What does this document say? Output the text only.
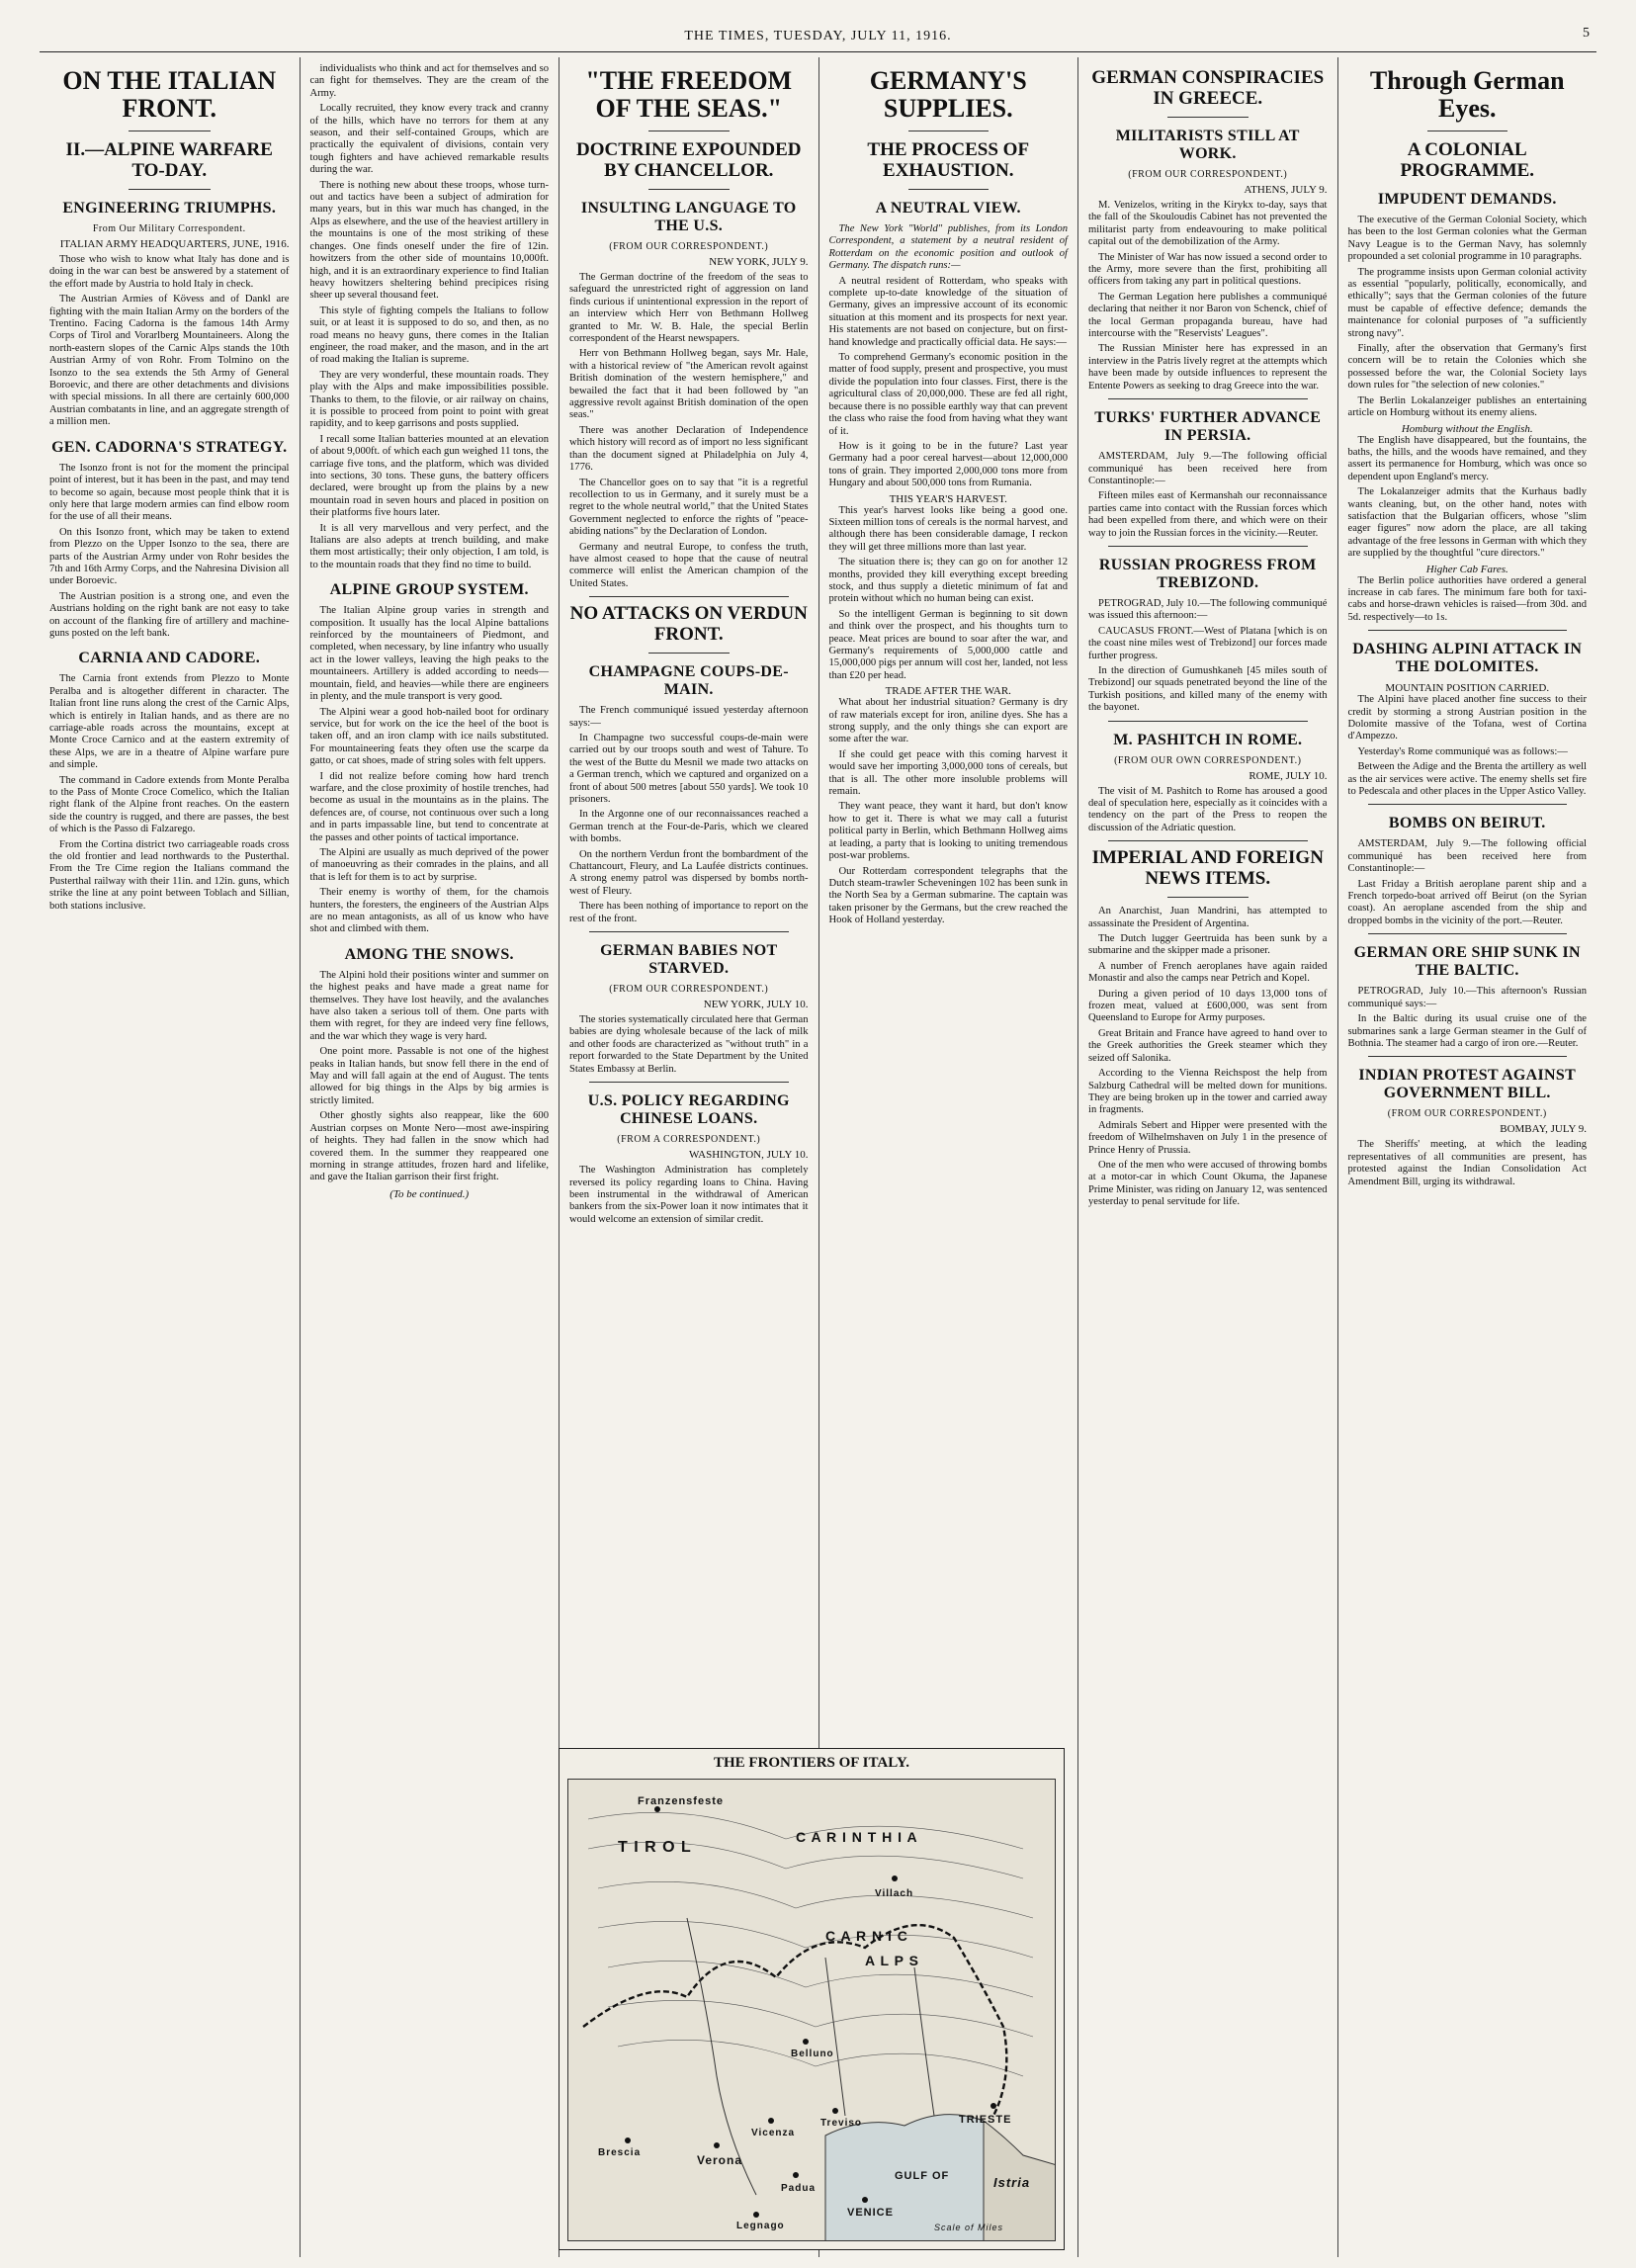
THE TIMES, TUESDAY, JULY 11, 1916.	5
ON THE ITALIAN FRONT.
II.—ALPINE WARFARE TO-DAY.
ENGINEERING TRIUMPHS.
From Our Military Correspondent.
ITALIAN ARMY HEADQUARTERS, JUNE, 1916.

Those who wish to know what Italy has done and is doing in the war can best be answered by a statement of the effort made by Austria to hold Italy in check.

The Austrian Armies of Kövess and of Dankl are fighting with the main Italian Army on the borders of the Trentino. Facing Cadorna is the famous 14th Army Corps of Tirol and Vorarlberg Mountaineers. Along the north-eastern slopes of the Carnic Alps stands the 10th Austrian Army of von Rohr. From Tolmino on the Isonzo to the sea extends the 5th Army of General Boroevic, and there are other detachments and divisions with special missions. In all there are certainly 600,000 Austrian combatants in line, and an aggregate strength of a million men.

GEN. CADORNA'S STRATEGY.

The Isonzo front is not for the moment the principal point of interest, but it has been in the past, and may tend to become so again, because most people think that it is only here that large modern armies can find elbow room for the use of all their means.

On this Isonzo front, which may be taken to extend from Plezzo on the Upper Isonzo to the sea, there are parts of the Austrian Army under von Rohr besides the 7th and 16th Army Corps, and the Nahresina Division all under Boroevic.

The Austrian position is a strong one, and even the Austrians holding on the right bank are not easy to take on account of the flanking fire of artillery and machine-guns posted on the left bank.

CARNIA AND CADORE.

The Carnia front extends from Plezzo to Monte Peralba and is altogether different in character. The Italian front line runs along the crest of the Carnic Alps, which is entirely in Italian hands, and as there are no carriage-able roads across the mountains, except at Monte Croce Carnico and at the eastern extremity of these Alps, we are in a theatre of Alpine warfare pure and simple.

The command in Cadore extends from Monte Peralba to the Pass of Monte Croce Comelico, which the Italian right flank of the Alpine front reaches. On the eastern side the country is rugged, and there are passes, the best of which is the Passo di Falzarego.

From the Cortina district two carriageable roads cross the old frontier and lead northwards to the Pusterthal. From the Tre Cime region the Italians command the Pusterthal railway with their 11in. and 12in. guns, which strike the line at any point between Toblach and Sillian, both stations inclusive.

individualists who think and act for themselves and so can fight for themselves. They are the cream of the Army.

Locally recruited, they know every track and cranny of the hills, which have no terrors for them at any season, and their self-contained Groups, which are practically the equivalent of divisions, contain very tough fighters and have achieved remarkable results during the war.

There is nothing new about these troops, whose turn-out and tactics have been a subject of admiration for many years, but in this war much has changed, in the Alps as elsewhere, and the use of the heaviest artillery in the mountains is one of the most striking of these changes. One finds oneself under the fire of 12in. howitzers from the other side of mountains 10,000ft. high, and it is an extraordinary experience to find Italian heavy howitzers sheltering behind precipices rising sheer up several thousand feet.

This style of fighting compels the Italians to follow suit, or at least it is supposed to do so, and then, as no road means no heavy guns, there comes in the Italian engineer, the road maker, and the mason, and in the art of road making the Italian is supreme.

They are very wonderful, these mountain roads. They play with the Alps and make impossibilities possible. Thanks to them, to the filovie, or air railway on chains, it is possible to proceed from point to point with great rapidity, and to keep garrisons and posts supplied.

I recall some Italian batteries mounted at an elevation of about 9,000ft. of which each gun weighed 11 tons, the carriage five tons, and the platform, which was divided into sections, 30 tons. These guns, the battery officers declared, were brought up from the plains by a new mountain road in seven hours and placed in position on their platforms five hours later.

It is all very marvellous and very perfect, and the Italians are also adepts at trench building, and make them most artistically; their only objection, I am told, is to the mountain roads that they find no time to build.

ALPINE GROUP SYSTEM.

The Italian Alpine group varies in strength and composition. It usually has the local Alpine battalions reinforced by the mountaineers of Piedmont, and completed, when necessary, by line infantry who usually act in the lower valleys, leaving the high peaks to the mountaineers. Artillery is added according to needs—mountain, field, and heavies—while there are engineers in plenty, and the mule transport is very good.

The Alpini wear a good hob-nailed boot for ordinary service, but for work on the ice the heel of the boot is taken off, and an iron clamp with ice nails substituted. For mountaineering feats they often use the scarpe da gatto, or cat shoes, made of string soles with felt uppers.

I did not realize before coming how hard trench warfare, and the close proximity of hostile trenches, had become as usual in the mountains as in the plains. The defences are, of course, not continuous over such a long and in parts impassable line, but tend to concentrate at the passes and other points of tactical importance.

The Alpini are usually as much deprived of the power of manoeuvring as their comrades in the plains, and all that is left for them is to act by surprise.

Their enemy is worthy of them, for the chamois hunters, the foresters, the engineers of the Austrian Alps are no mean antagonists, as all of us know who have shot and climbed with them.

AMONG THE SNOWS.

The Alpini hold their positions winter and summer on the highest peaks and have made a great name for themselves. They have lost heavily, and the avalanches have also taken a serious toll of them. One parts with them with regret, for they are indeed very fine fellows, and the war which they wage is very hard.

One point more. Passable is not one of the highest peaks in Italian hands, but snow fell there in the end of May and will fall again at the end of August. The tents allowed for big things in the Alps by big armies is strictly limited.

Other ghostly sights also reappear, like the 600 Austrian corpses on Monte Nero—most awe-inspiring of heights. They had fallen in the snow which had covered them. In the summer they reappeared one morning in strange attitudes, frozen hard and lifelike, and gave the Italian garrison their first fright.

(To be continued.)
"THE FREEDOM OF THE SEAS."
DOCTRINE EXPOUNDED BY CHANCELLOR.
INSULTING LANGUAGE TO THE U.S.
(FROM OUR CORRESPONDENT.)
NEW YORK, JULY 9.

The German doctrine of the freedom of the seas to safeguard the unrestricted right of aggression on land finds curious if unintentional expression in the report of an interview which Herr von Bethmann Hollweg granted to Mr. W. B. Hale, the special Berlin correspondent of the Hearst newspapers.

Herr von Bethmann Hollweg began, says Mr. Hale, with a historical review of "the American revolt against British domination of the western hemisphere," and bewailed the fact that it had been followed by "an aggressive revolt against British domination of the open seas."

There was another Declaration of Independence which history will record as of import no less significant than the document signed at Philadelphia on July 4, 1776.

The Chancellor goes on to say that "it is a regretful recollection to us in Germany, and it surely must be a regret to the whole neutral world," that the United States Government neglected to enforce the rights of "peace-abiding nations" by the Declaration of London.

Germany and neutral Europe, to confess the truth, have almost ceased to hope that the cause of neutral commerce will enlist the American champion of the United States.

NO ATTACKS ON VERDUN FRONT.
CHAMPAGNE COUPS-DE-MAIN.

The French communiqué issued yesterday afternoon says:—

In Champagne two successful coups-de-main were carried out by our troops south and west of Tahure. To the west of the Butte du Mesnil we made two attacks on a German trench, which we captured and organized on a front of about 500 metres [about 550 yards]. We took 10 prisoners.

In the Argonne one of our reconnaissances reached a German trench at the Four-de-Paris, which we cleared with bombs.

On the northern Verdun front the bombardment of the Chattancourt, Fleury, and La Laufée districts continues. A strong enemy patrol was dispersed by bombs north-west of Fleury.

There has been nothing of importance to report on the rest of the front.

GERMAN BABIES NOT STARVED.
(FROM OUR CORRESPONDENT.)
NEW YORK, JULY 10.

The stories systematically circulated here that German babies are dying wholesale because of the lack of milk and other foods are characterized as "without truth" in a report forwarded to the State Department by the United States Embassy at Berlin.

U.S. POLICY REGARDING CHINESE LOANS.
(FROM A CORRESPONDENT.)
WASHINGTON, JULY 10.

The Washington Administration has completely reversed its policy regarding loans to China. Having been instrumental in the withdrawal of American bankers from the six-Power loan it now intimates that it would welcome an extension of similar credit.

GERMANY'S SUPPLIES.
THE PROCESS OF EXHAUSTION.
A NEUTRAL VIEW.

The New York "World" publishes, from its London Correspondent, a statement by a neutral resident of Rotterdam on the economic position and outlook of Germany. The dispatch runs:—

A neutral resident of Rotterdam, who speaks with complete up-to-date knowledge of the situation of Germany, gives an impressive account of its economic situation at this moment and its prospects for next year. His statements are not based on conjecture, but on first-hand knowledge and practically official data. He says:—

To comprehend Germany's economic position in the matter of food supply, present and prospective, you must divide the population into four classes. First, there is the agricultural class of 20,000,000. These are fed all right, because there is no possible earthly way that can prevent the class who raise the food from having what they want of it.

How is it going to be in the future? Last year Germany had a poor cereal harvest—about 12,000,000 tons of grain. They imported 2,000,000 tons more from Hungary and about 500,000 tons from Rumania.

THIS YEAR'S HARVEST.

This year's harvest looks like being a good one. Sixteen million tons of cereals is the normal harvest, and although there has been considerable damage, I reckon they will get three millions more than last year.

The situation there is; they can go on for another 12 months, provided they kill everything except breeding stock, and thus supply a dietetic minimum of fat and protein without which no human being can exist.

So the intelligent German is beginning to sit down and think over the prospect, and his thoughts turn to peace. Meat prices are bound to soar after the war, and Germany's requirements of 5,000,000 cattle and 15,000,000 pigs per annum will cost her, landed, not less than £20 per head.

TRADE AFTER THE WAR.

What about her industrial situation? Germany is dry of raw materials except for iron, aniline dyes. She has a strong supply, and the only things she can export are some after the war.

If she could get peace with this coming harvest it would save her importing 3,000,000 tons of cereals, but that is all. The other more insoluble problems will remain.

They want peace, they want it hard, but don't know how to get it. There is what we may call a futurist political party in Berlin, which Bethmann Hollweg aims at leading, a party that is looking to uniting tremendous post-war problems.

Our Rotterdam correspondent telegraphs that the Dutch steam-trawler Scheveningen 102 has been sunk in the North Sea by a German submarine. The captain was taken prisoner by the Germans, but the crew reached the Hook of Holland yesterday.

GERMAN CONSPIRACIES IN GREECE.
MILITARISTS STILL AT WORK.
(FROM OUR CORRESPONDENT.)
ATHENS, JULY 9.

M. Venizelos, writing in the Kirykx to-day, says that the fall of the Skouloudis Cabinet has not prevented the militarist party from endeavouring to make political capital out of the demobilization of the Army.

The Minister of War has now issued a second order to the Army, more severe than the first, prohibiting all officers from taking any part in political questions.

The German Legation here publishes a communiqué declaring that neither it nor Baron von Schenck, chief of the local German propaganda bureau, have had intercourse with the "Reservists' Leagues".

The Russian Minister here has expressed in an interview in the Patris lively regret at the attempts which have been made by outside influences to represent the Entente Powers as seeking to drag Greece into the war.

TURKS' FURTHER ADVANCE IN PERSIA.

AMSTERDAM, July 9.—The following official communiqué has been received here from Constantinople:—

Fifteen miles east of Kermanshah our reconnaissance parties came into contact with the Russian forces which had been expelled from there, and which were on their way to join the Russian forces in the vicinity.—Reuter.

RUSSIAN PROGRESS FROM TREBIZOND.

PETROGRAD, July 10.—The following communiqué was issued this afternoon:—

CAUCASUS FRONT.—West of Platana [which is on the coast nine miles west of Trebizond] our forces made further progress.

In the direction of Gumushkaneh [45 miles south of Trebizond] our squads penetrated beyond the line of the Turkish positions, and killed many of the enemy with the bayonet.

M. PASHITCH IN ROME.
(FROM OUR OWN CORRESPONDENT.)
ROME, JULY 10.

The visit of M. Pashitch to Rome has aroused a good deal of speculation here, especially as it coincides with a tendency on the part of the Press to reopen the discussion of the Adriatic question.

IMPERIAL AND FOREIGN NEWS ITEMS.

An Anarchist, Juan Mandrini, has attempted to assassinate the President of Argentina.

The Dutch lugger Geertruida has been sunk by a submarine and the skipper made a prisoner.

A number of French aeroplanes have again raided Monastir and also the camps near Petrich and Kopel.

During a given period of 10 days 13,000 tons of frozen meat, valued at £600,000, was sent from Queensland to Europe for Army purposes.

Great Britain and France have agreed to hand over to the Greek authorities the Greek steamer which they seized off Salonika.

According to the Vienna Reichspost the help from Salzburg Cathedral will be melted down for munitions. They are being broken up in the tower and carried away in fragments.

Admirals Sebert and Hipper were presented with the freedom of Wilhelmshaven on July 1 in the presence of Prince Henry of Prussia.

One of the men who were accused of throwing bombs at a motor-car in which Count Okuma, the Japanese Prime Minister, was riding on January 12, was sentenced yesterday to penal servitude for life.

Through German Eyes.
A COLONIAL PROGRAMME.
IMPUDENT DEMANDS.

The executive of the German Colonial Society, which has been to the lost German colonies what the German Navy League is to the German Navy, has solemnly propounded a set colonial programme in 10 paragraphs.

The programme insists upon German colonial activity as essential "popularly, politically, economically, and ethically"; says that the German colonies of the future must be capable of effective defence; demands the maintenance for colonial purposes of "a sufficiently strong navy".

Finally, after the observation that Germany's first concern will be to retain the Colonies which she possessed before the war, the Colonial Society lays down rules for "the selection of new colonies."

The Berlin Lokalanzeiger publishes an entertaining article on Homburg without its enemy aliens.

Homburg without the English.

The English have disappeared, but the fountains, the baths, the hills, and the woods have remained, and they assert its permanence for Homburg, which was once so dependent upon England's mercy.

The Lokalanzeiger admits that the Kurhaus badly wants cleaning, but, on the other hand, notes with satisfaction that the Bulgarian officers, whose "slim eager figures" now adorn the place, are all taking advantage of the free lessons in German with which they are supplied by the thoughtful "cure directors."

Higher Cab Fares.

The Berlin police authorities have ordered a general increase in cab fares. The minimum fare both for taxi-cabs and horse-drawn vehicles is raised—from 30d. and 5d. respectively—to 1s.

DASHING ALPINI ATTACK IN THE DOLOMITES.
MOUNTAIN POSITION CARRIED.

The Alpini have placed another fine success to their credit by storming a strong Austrian position in the Dolomite massive of the Tofana, west of Cortina d'Ampezzo.

Yesterday's Rome communiqué was as follows:—

Between the Adige and the Brenta the artillery as well as the air services were active. The enemy shells set fire to Pedescala and other places in the Upper Astico Valley.

BOMBS ON BEIRUT.

AMSTERDAM, July 9.—The following official communiqué has been received here from Constantinople:—

Last Friday a British aeroplane parent ship and a French torpedo-boat arrived off Beirut (on the Syrian coast). An aeroplane ascended from the ship and dropped bombs in the vicinity of the port.—Reuter.

GERMAN ORE SHIP SUNK IN THE BALTIC.

PETROGRAD, July 10.—This afternoon's Russian communiqué says:—

In the Baltic during its usual cruise one of the submarines sank a large German steamer in the Gulf of Bothnia. The steamer had a cargo of iron ore.—Reuter.

INDIAN PROTEST AGAINST GOVERNMENT BILL.
(FROM OUR CORRESPONDENT.)
BOMBAY, JULY 9.

The Sheriffs' meeting, at which the leading representatives of all communities are present, has protested against the Indian Consolidation Act Amendment Bill, urging its withdrawal.

THE FRONTIERS OF ITALY.
Franzensfeste
T I R O L
C A R I N T H I A
Villach
C A R N I C
A L P S
Belluno
Brescia
Verona
Vicenza
Padua
Treviso
VENICE
TRIESTE
Istria
GULF OF
Legnago	Scale of Miles
